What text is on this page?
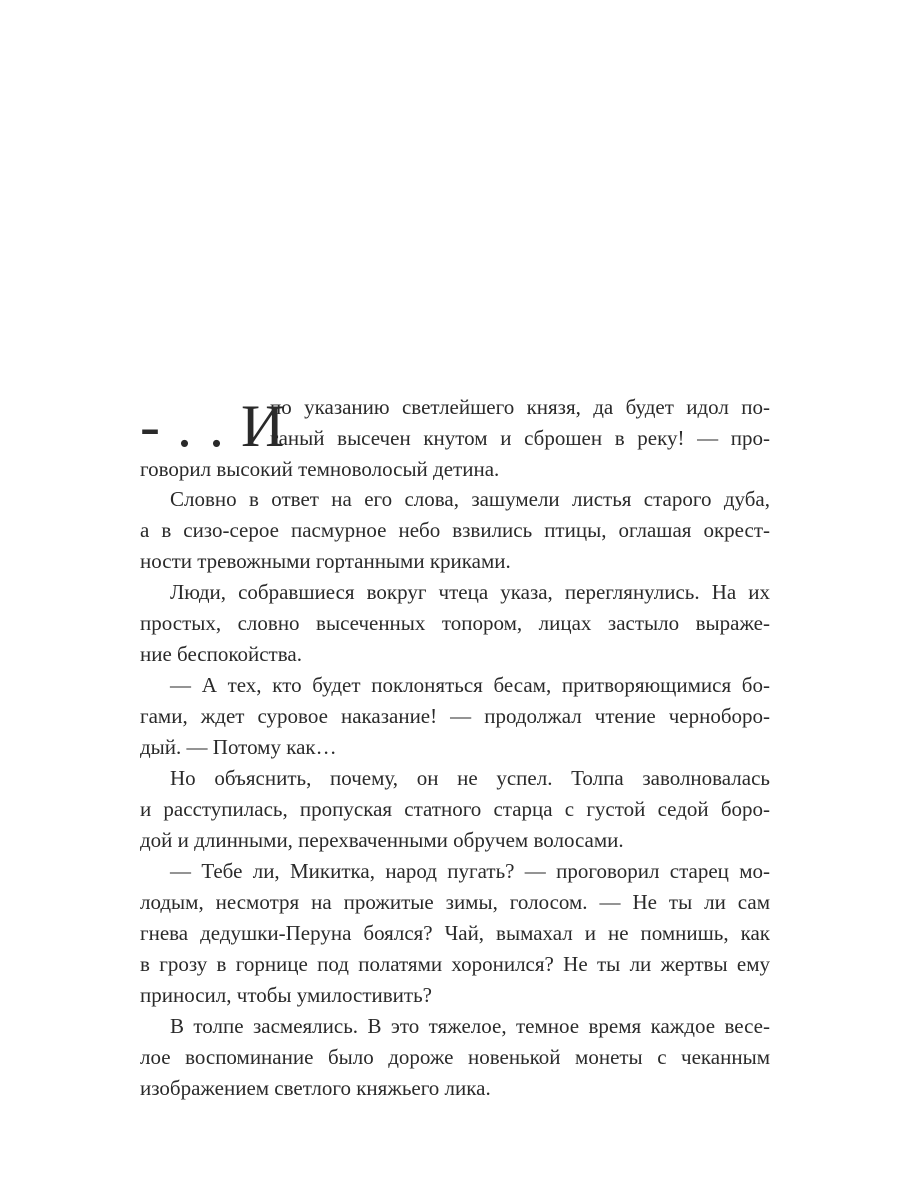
- . . И
по указанию светлейшего князя, да будет идол по-
ганый высечен кнутом и сброшен в реку! — про-
говорил высокий темноволосый детина.
Словно в ответ на его слова, зашумели листья старого дуба,
а в сизо-серое пасмурное небо взвились птицы, оглашая окрест-
ности тревожными гортанными криками.
Люди, собравшиеся вокруг чтеца указа, переглянулись. На их
простых, словно высеченных топором, лицах застыло выраже-
ние беспокойства.
— А тех, кто будет поклоняться бесам, притворяющимися бо-
гами, ждет суровое наказание! — продолжал чтение черноборо-
дый. — Потому как…
Но объяснить, почему, он не успел. Толпа заволновалась
и расступилась, пропуская статного старца с густой седой боро-
дой и длинными, перехваченными обручем волосами.
— Тебе ли, Микитка, народ пугать? — проговорил старец мо-
лодым, несмотря на прожитые зимы, голосом. — Не ты ли сам
гнева дедушки-Перуна боялся? Чай, вымахал и не помнишь, как
в грозу в горнице под полатями хоронился? Не ты ли жертвы ему
приносил, чтобы умилостивить?
В толпе засмеялись. В это тяжелое, темное время каждое весе-
лое воспоминание было дороже новенькой монеты с чеканным
изображением светлого княжьего лика.
